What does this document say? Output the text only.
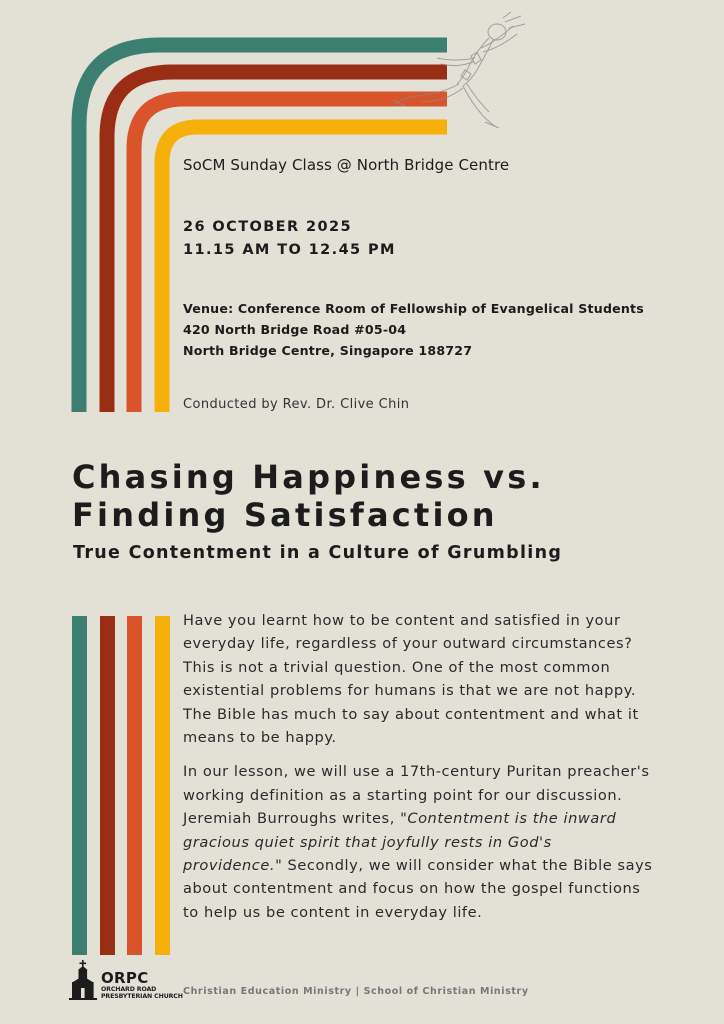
SoCM Sunday Class @ North Bridge Centre
26 OCTOBER 2025
11.15 AM TO 12.45 PM
Venue: Conference Room of Fellowship of Evangelical Students
420 North Bridge Road #05-04
North Bridge Centre, Singapore 188727
Conducted by Rev. Dr. Clive Chin
Chasing Happiness vs.
Finding Satisfaction
True Contentment in a Culture of Grumbling

Have you learnt how to be content and satisfied in your everyday life, regardless of your outward circumstances? This is not a trivial question. One of the most common existential problems for humans is that we are not happy. The Bible has much to say about contentment and what it means to be happy.

In our lesson, we will use a 17th-century Puritan preacher's working definition as a starting point for our discussion. Jeremiah Burroughs writes, "Contentment is the inward gracious quiet spirit that joyfully rests in God's providence." Secondly, we will consider what the Bible says about contentment and focus on how the gospel functions to help us be content in everyday life.

ORPC
ORCHARD ROAD
PRESBYTERIAN CHURCH Christian Education Ministry | School of Christian Ministry
